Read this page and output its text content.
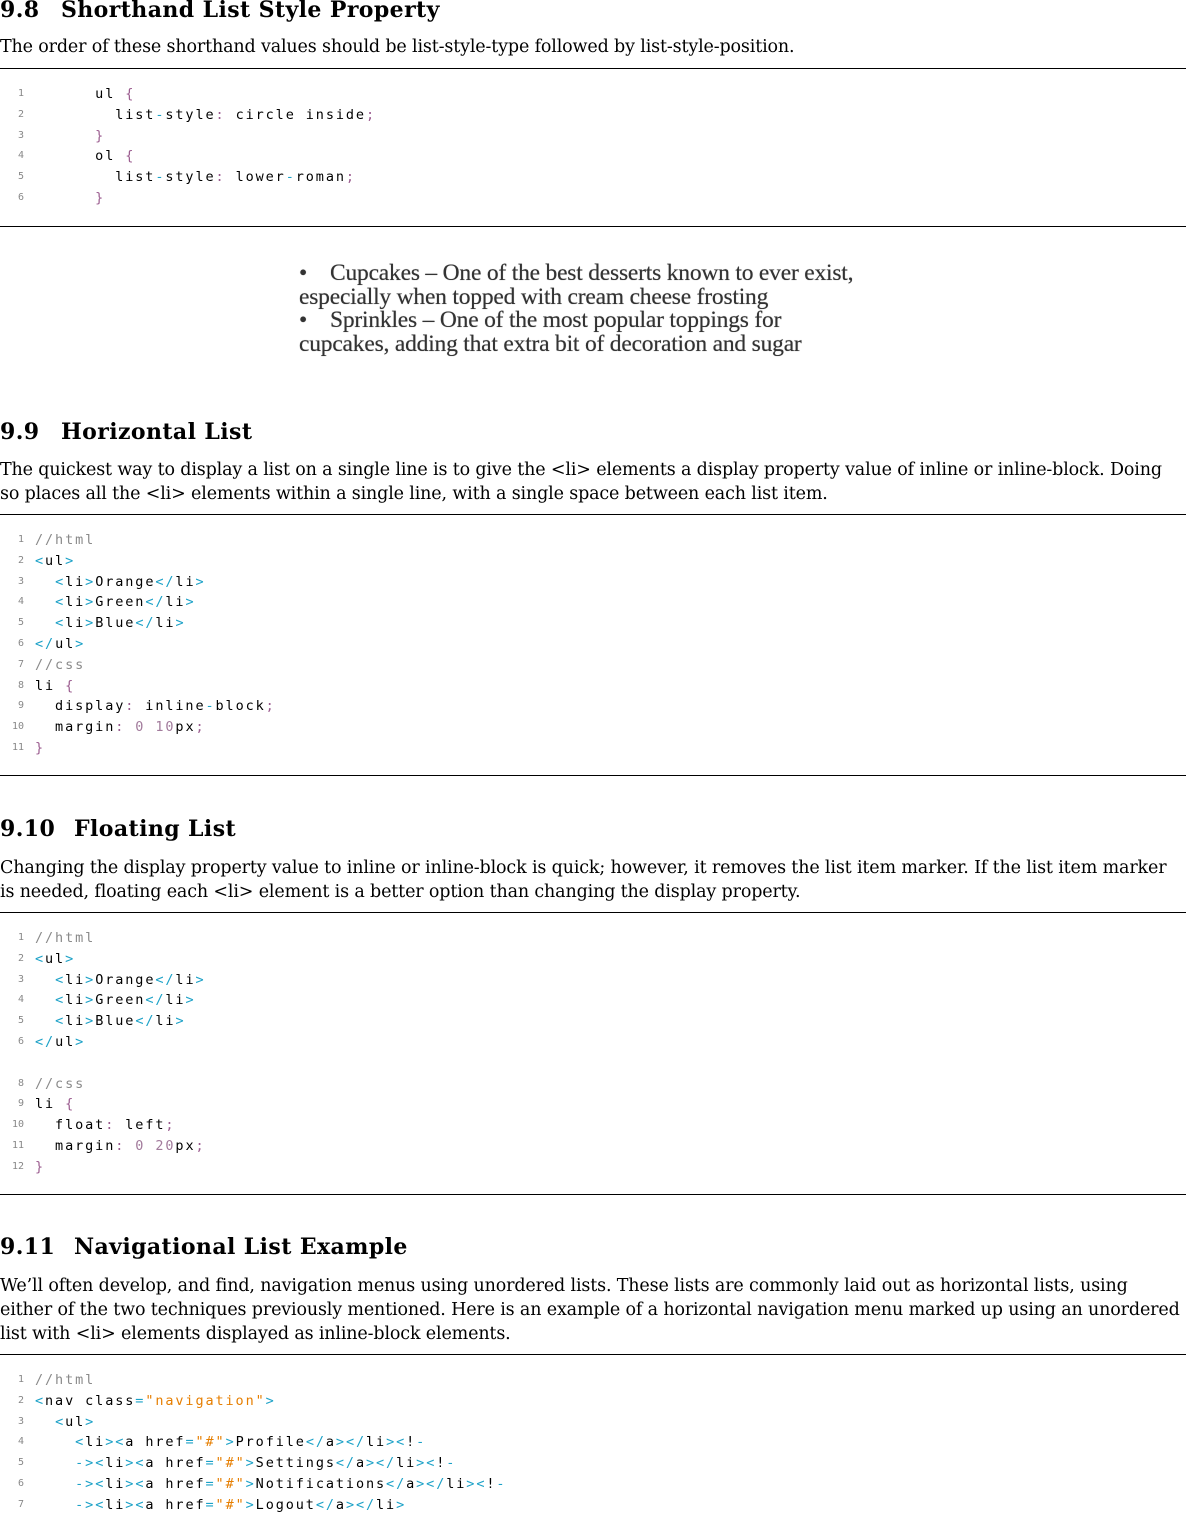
9.8 Shorthand List Style Property

The order of these shorthand values should be list-style-type followed by list-style-position.

1 ul {
2 list-style: circle inside;
3	}
4 ol {
5 list-style: lower-roman;
6	}
• Cupcakes – One of the best desserts known to ever exist,
especially when topped with cream cheese frosting
• Sprinkles – One of the most popular toppings for
cupcakes, adding that extra bit of decoration and sugar
9.9 Horizontal List

The quickest way to display a list on a single line is to give the <li> elements a display property value of inline or inline-block. Doing so places all the <li> elements within a single line, with a single space between each list item.

1 //html
2 <ul>
3	<li>Orange</li>
4	<li>Green</li>
5	<li>Blue</li>
6 </ul>
7 //css
8 li {
9 display: inline-block;
10 margin: 0 10px;
11 }
9.10 Floating List

Changing the display property value to inline or inline-block is quick; however, it removes the list item marker. If the list item marker is needed, floating each <li> element is a better option than changing the display property.

1 //html
2 <ul>
3	<li>Orange</li>
4	<li>Green</li>
5	<li>Blue</li>
6 </ul>
8 //css
9 li {
10 float: left;
11 margin: 0 20px;
12 }
9.11 Navigational List Example

We’ll often develop, and find, navigation menus using unordered lists. These lists are commonly laid out as horizontal lists, using either of the two techniques previously mentioned. Here is an example of a horizontal navigation menu marked up using an unordered list with <li> elements displayed as inline-block elements.

1 //html
2 <nav class="navigation">
3	<ul>
4	<li><a href="#">Profile</a></li><!-
5	-><li><a href="#">Settings</a></li><!-
6	-><li><a href="#">Notifications</a></li><!-
7	-><li><a href="#">Logout</a></li>
